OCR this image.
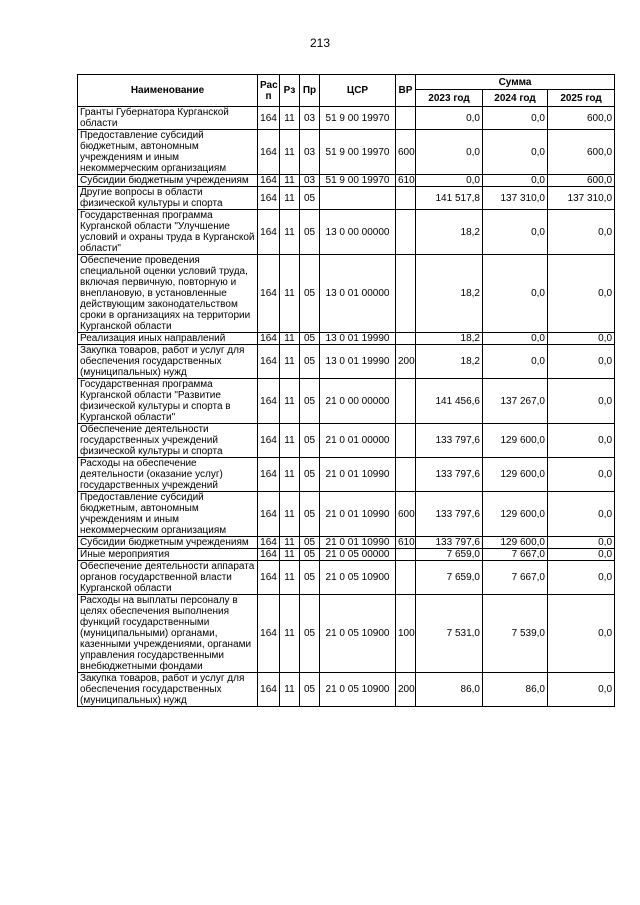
213
Наименование	Рас п	Рз	Пр	ЦСР	ВР	Сумма		
						2023 год	2024 год	2025 год
Гранты Губернатора Курганской области	164	11	03	51 9 00 19970		0,0	0,0	600,0
Предоставление субсидий бюджетным, автономным учреждениям и иным некоммерческим организациям	164	11	03	51 9 00 19970	600	0,0	0,0	600,0
Субсидии бюджетным учреждениям	164	11	03	51 9 00 19970	610	0,0	0,0	600,0
Другие вопросы в области физической культуры и спорта	164	11	05			141 517,8	137 310,0	137 310,0
Государственная программа Курганской области "Улучшение условий и охраны труда в Курганской области"	164	11	05	13 0 00 00000		18,2	0,0	0,0
Обеспечение проведения специальной оценки условий труда, включая первичную, повторную и внеплановую, в установленные действующим законодательством сроки в организациях на территории Курганской области	164	11	05	13 0 01 00000		18,2	0,0	0,0
Реализация иных направлений	164	11	05	13 0 01 19990		18,2	0,0	0,0
Закупка товаров, работ и услуг для обеспечения государственных (муниципальных) нужд	164	11	05	13 0 01 19990	200	18,2	0,0	0,0
Государственная программа Курганской области "Развитие физической культуры и спорта в Курганской области"	164	11	05	21 0 00 00000		141 456,6	137 267,0	0,0
Обеспечение деятельности государственных учреждений физической культуры и спорта	164	11	05	21 0 01 00000		133 797,6	129 600,0	0,0
Расходы на обеспечение деятельности (оказание услуг) государственных учреждений	164	11	05	21 0 01 10990		133 797,6	129 600,0	0,0
Предоставление субсидий бюджетным, автономным учреждениям и иным некоммерческим организациям	164	11	05	21 0 01 10990	600	133 797,6	129 600,0	0,0
Субсидии бюджетным учреждениям	164	11	05	21 0 01 10990	610	133 797,6	129 600,0	0,0
Иные мероприятия	164	11	05	21 0 05 00000		7 659,0	7 667,0	0,0
Обеспечение деятельности аппарата органов государственной власти Курганской области	164	11	05	21 0 05 10900		7 659,0	7 667,0	0,0
Расходы на выплаты персоналу в целях обеспечения выполнения функций государственными (муниципальными) органами, казенными учреждениями, органами управления государственными внебюджетными фондами	164	11	05	21 0 05 10900	100	7 531,0	7 539,0	0,0
Закупка товаров, работ и услуг для обеспечения государственных (муниципальных) нужд	164	11	05	21 0 05 10900	200	86,0	86,0	0,0
